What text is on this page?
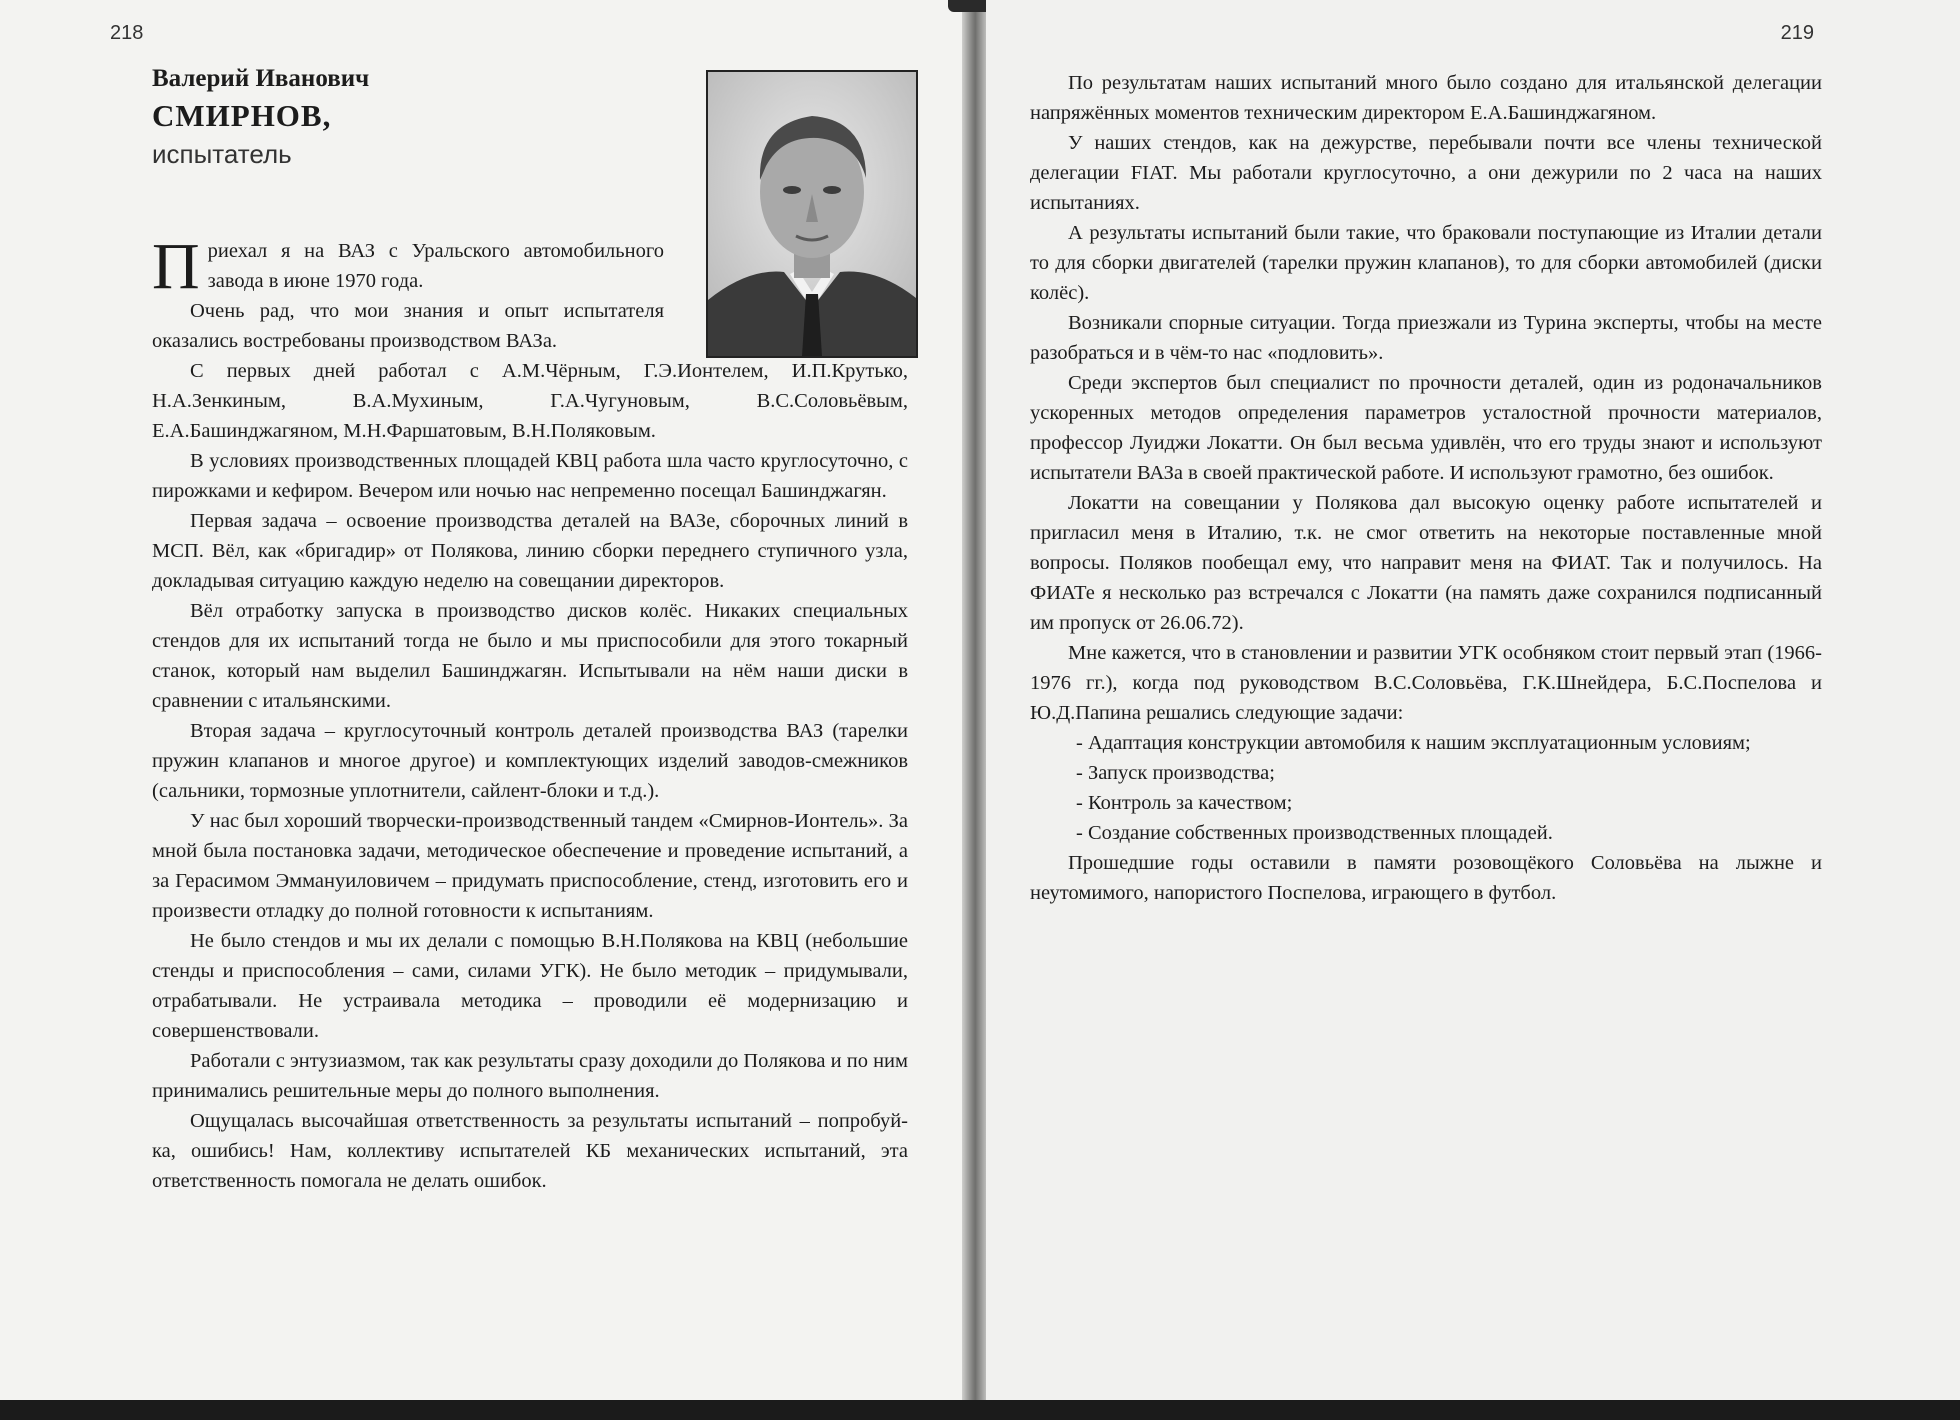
218
Валерий Иванович
СМИРНОВ,
испытатель

Приехал я на ВАЗ с Уральского автомобильного завода в июне 1970 года.

Очень рад, что мои знания и опыт испытателя оказались востребованы производством ВАЗа.

С первых дней работал с А.М.Чёрным, Г.Э.Ионтелем, И.П.Крутько, Н.А.Зенкиным, В.А.Мухиным, Г.А.Чугуновым, В.С.Соловьёвым, Е.А.Башинджагяном, М.Н.Фаршатовым, В.Н.Поляковым.

В условиях производственных площадей КВЦ работа шла часто круглосуточно, с пирожками и кефиром. Вечером или ночью нас непременно посещал Башинджагян.

Первая задача – освоение производства деталей на ВАЗе, сборочных линий в МСП. Вёл, как «бригадир» от Полякова, линию сборки переднего ступичного узла, докладывая ситуацию каждую неделю на совещании директоров.

Вёл отработку запуска в производство дисков колёс. Никаких специальных стендов для их испытаний тогда не было и мы приспособили для этого токарный станок, который нам выделил Башинджагян. Испытывали на нём наши диски в сравнении с итальянскими.

Вторая задача – круглосуточный контроль деталей производства ВАЗ (тарелки пружин клапанов и многое другое) и комплектующих изделий заводов-смежников (сальники, тормозные уплотнители, сайлент-блоки и т.д.).

У нас был хороший творчески-производственный тандем «Смирнов-Ионтель». За мной была постановка задачи, методическое обеспечение и проведение испытаний, а за Герасимом Эммануиловичем – придумать приспособление, стенд, изготовить его и произвести отладку до полной готовности к испытаниям.

Не было стендов и мы их делали с помощью В.Н.Полякова на КВЦ (небольшие стенды и приспособления – сами, силами УГК). Не было методик – придумывали, отрабатывали. Не устраивала методика – проводили её модернизацию и совершенствовали.

Работали с энтузиазмом, так как результаты сразу доходили до Полякова и по ним принимались решительные меры до полного выполнения.

Ощущалась высочайшая ответственность за результаты испытаний – попробуй-ка, ошибись! Нам, коллективу испытателей КБ механических испытаний, эта ответственность помогала не делать ошибок.

219

По результатам наших испытаний много было создано для итальянской делегации напряжённых моментов техническим директором Е.А.Башинджагяном.

У наших стендов, как на дежурстве, перебывали почти все члены технической делегации FIAT. Мы работали круглосуточно, а они дежурили по 2 часа на наших испытаниях.

А результаты испытаний были такие, что браковали поступающие из Италии детали то для сборки двигателей (тарелки пружин клапанов), то для сборки автомобилей (диски колёс).

Возникали спорные ситуации. Тогда приезжали из Турина эксперты, чтобы на месте разобраться и в чём-то нас «подловить».

Среди экспертов был специалист по прочности деталей, один из родоначальников ускоренных методов определения параметров усталостной прочности материалов, профессор Луиджи Локатти. Он был весьма удивлён, что его труды знают и используют испытатели ВАЗа в своей практической работе. И используют грамотно, без ошибок.

Локатти на совещании у Полякова дал высокую оценку работе испытателей и пригласил меня в Италию, т.к. не смог ответить на некоторые поставленные мной вопросы. Поляков пообещал ему, что направит меня на ФИАТ. Так и получилось. На ФИАТе я несколько раз встречался с Локатти (на память даже сохранился подписанный им пропуск от 26.06.72).

Мне кажется, что в становлении и развитии УГК особняком стоит первый этап (1966-1976 гг.), когда под руководством В.С.Соловьёва, Г.К.Шнейдера, Б.С.Поспелова и Ю.Д.Папина решались следующие задачи:

- Адаптация конструкции автомобиля к нашим эксплуатационным условиям;

- Запуск производства;

- Контроль за качеством;

- Создание собственных производственных площадей.

Прошедшие годы оставили в памяти розовощёкого Соловьёва на лыжне и неутомимого, напористого Поспелова, играющего в футбол.
